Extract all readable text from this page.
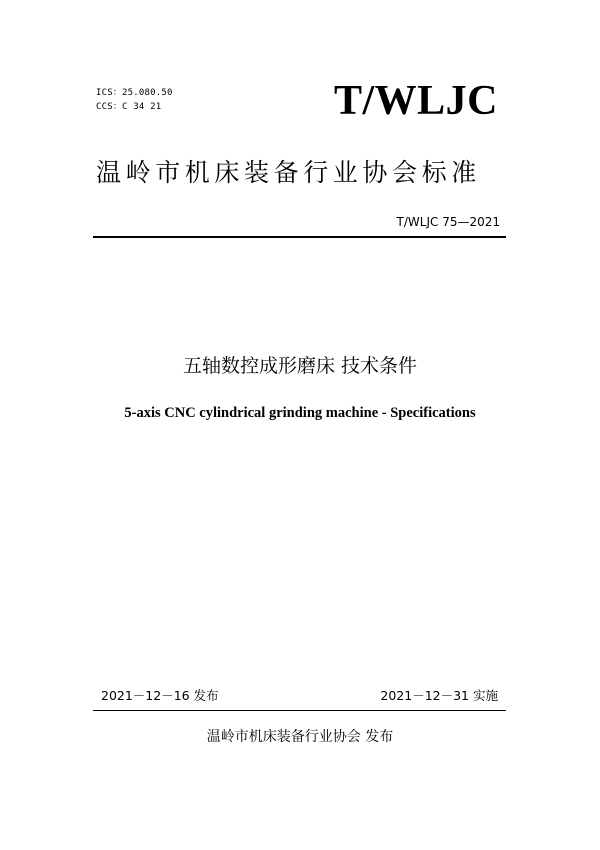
ICS：25.080.50
CCS：C 34 21	T/WLJC
温岭市机床装备行业协会标准
T/WLJC 75—2021
五轴数控成形磨床 技术条件
5-axis CNC cylindrical grinding machine - Specifications
2021－12－16 发布	2021－12－31 实施
温岭市机床装备行业协会 发布
